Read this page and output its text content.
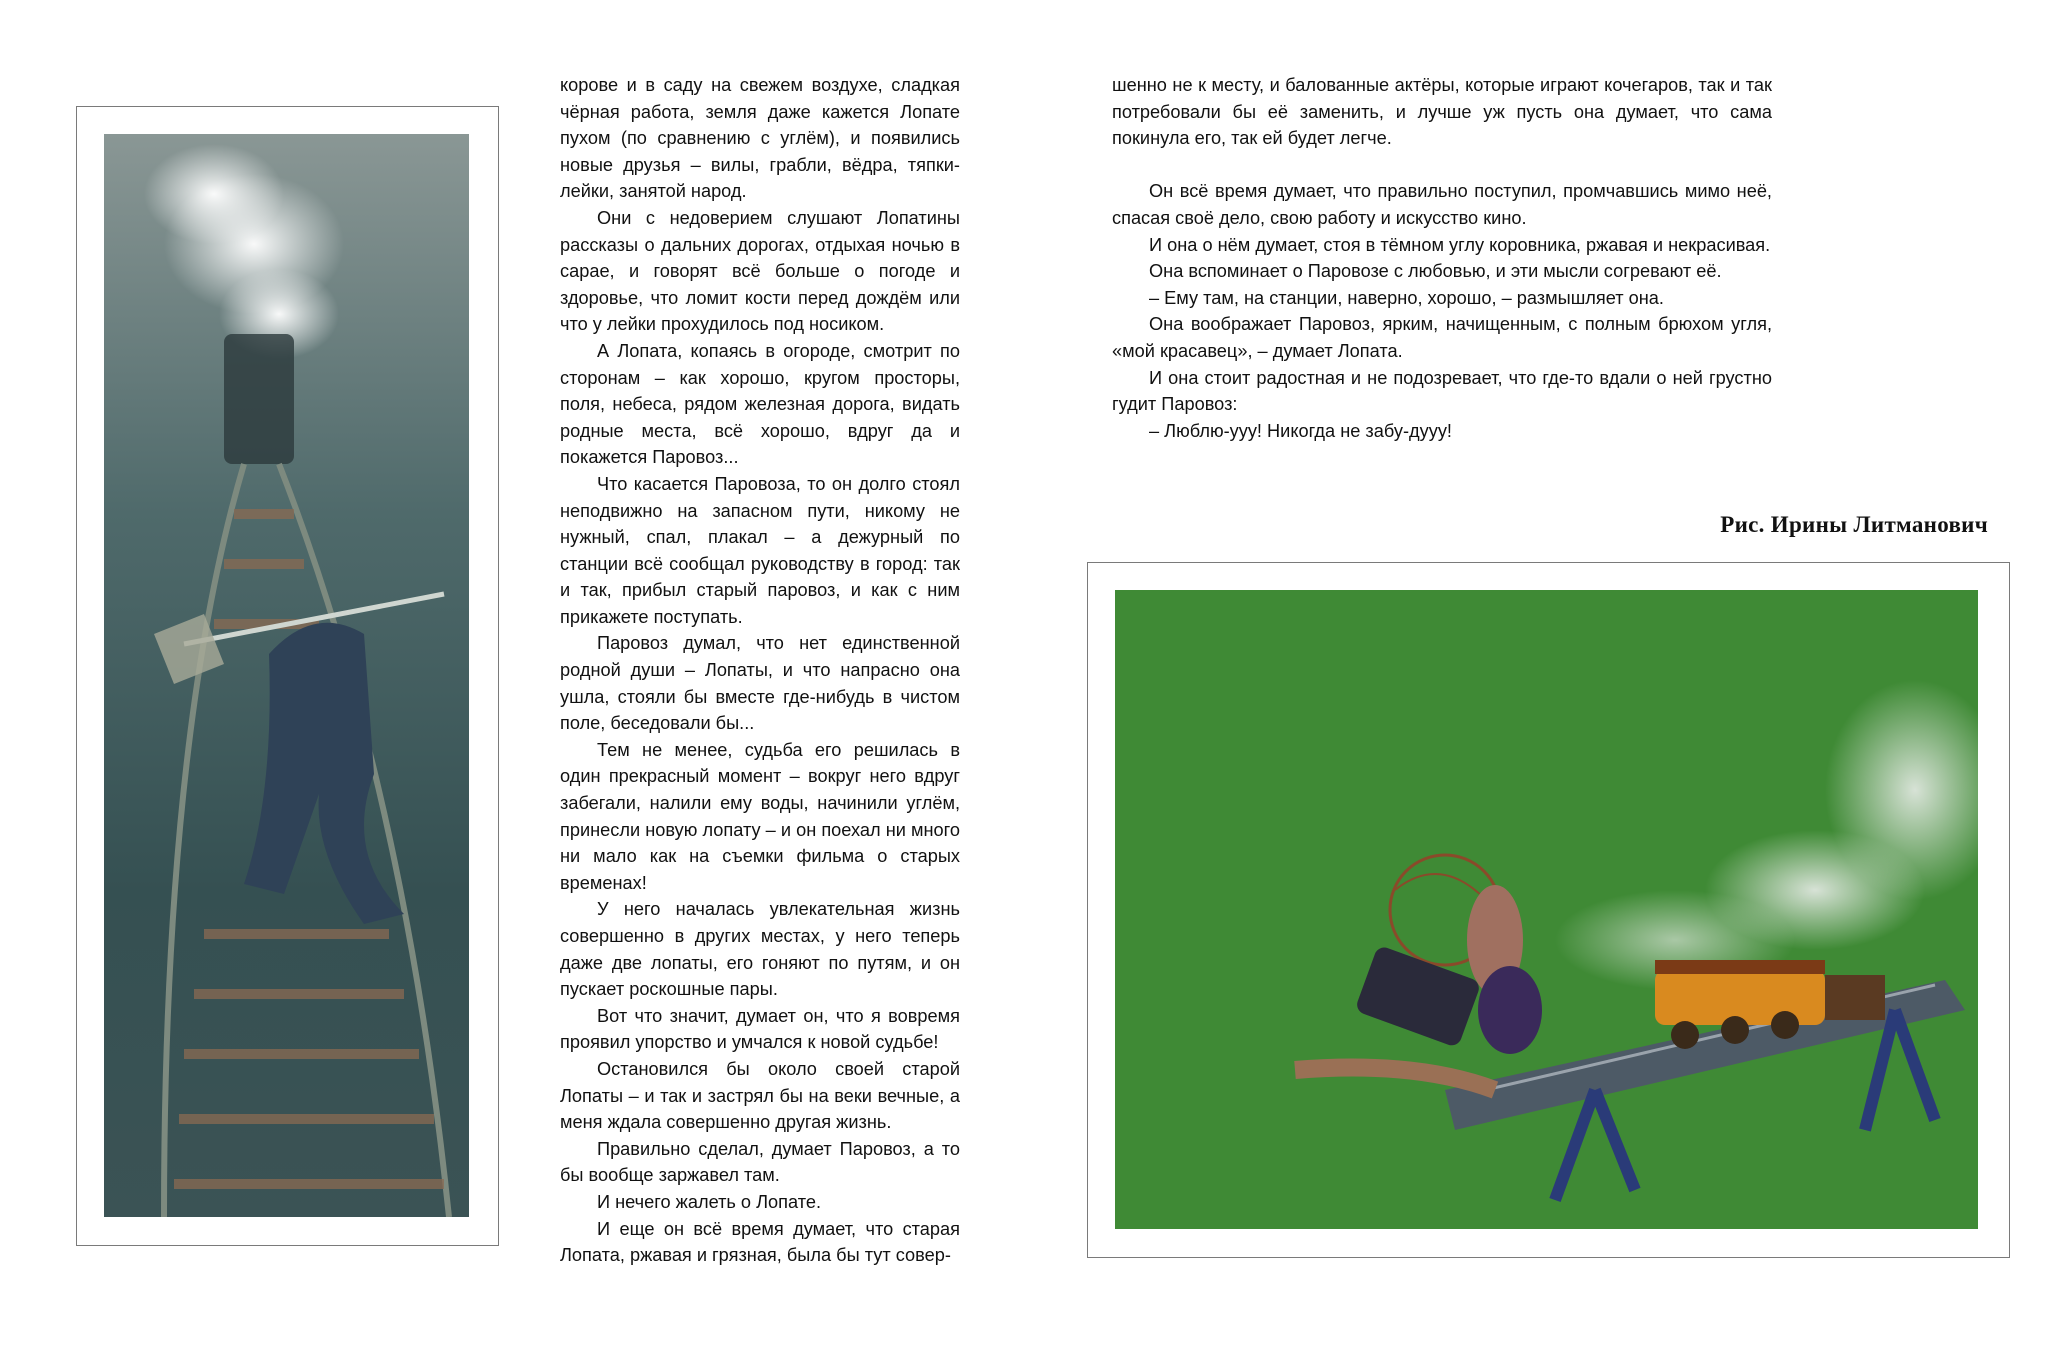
корове и в саду на свежем воздухе, сладкая чёрная работа, земля даже кажется Лопате пухом (по сравнению с углём), и появились новые друзья – вилы, грабли, вёдра, тяпки-лейки, занятой народ.

Они с недоверием слушают Лопатины рассказы о дальних дорогах, отдыхая ночью в сарае, и говорят всё больше о погоде и здоровье, что ломит кости перед дождём или что у лейки прохудилось под носиком.

А Лопата, копаясь в огороде, смотрит по сторонам – как хорошо, кругом просторы, поля, небеса, рядом железная дорога, видать родные места, всё хорошо, вдруг да и покажется Паровоз...

Что касается Паровоза, то он долго стоял неподвижно на запасном пути, никому не нужный, спал, плакал – а дежурный по станции всё сообщал руководству в город: так и так, прибыл старый паровоз, и как с ним прикажете поступать.

Паровоз думал, что нет единственной родной души – Лопаты, и что напрасно она ушла, стояли бы вместе где-нибудь в чистом поле, беседовали бы...

Тем не менее, судьба его решилась в один прекрасный момент – вокруг него вдруг забегали, налили ему воды, начинили углём, принесли новую лопату – и он поехал ни много ни мало как на съемки фильма о старых временах!

У него началась увлекательная жизнь совершенно в других местах, у него теперь даже две лопаты, его гоняют по путям, и он пускает роскошные пары.

Вот что значит, думает он, что я вовремя проявил упорство и умчался к новой судьбе!

Остановился бы около своей старой Лопаты – и так и застрял бы на веки вечные, а меня ждала совершенно другая жизнь.

Правильно сделал, думает Паровоз, а то бы вообще заржавел там.

И нечего жалеть о Лопате.

И еще он всё время думает, что старая Лопата, ржавая и грязная, была бы тут совер-

шенно не к месту, и балованные актёры, которые играют кочегаров, так и так потребовали бы её заменить, и лучше уж пусть она думает, что сама покинула его, так ей будет легче.

Он всё время думает, что правильно поступил, промчавшись мимо неё, спасая своё дело, свою работу и искусство кино.

И она о нём думает, стоя в тёмном углу коровника, ржавая и некрасивая.

Она вспоминает о Паровозе с любовью, и эти мысли согревают её.

– Ему там, на станции, наверно, хорошо, – размышляет она.

Она воображает Паровоз, ярким, начищенным, с полным брюхом угля, «мой красавец», – думает Лопата.

И она стоит радостная и не подозревает, что где-то вдали о ней грустно гудит Паровоз:

– Люблю-ууу! Никогда не забу-дууу!

Рис. Ирины Литманович
